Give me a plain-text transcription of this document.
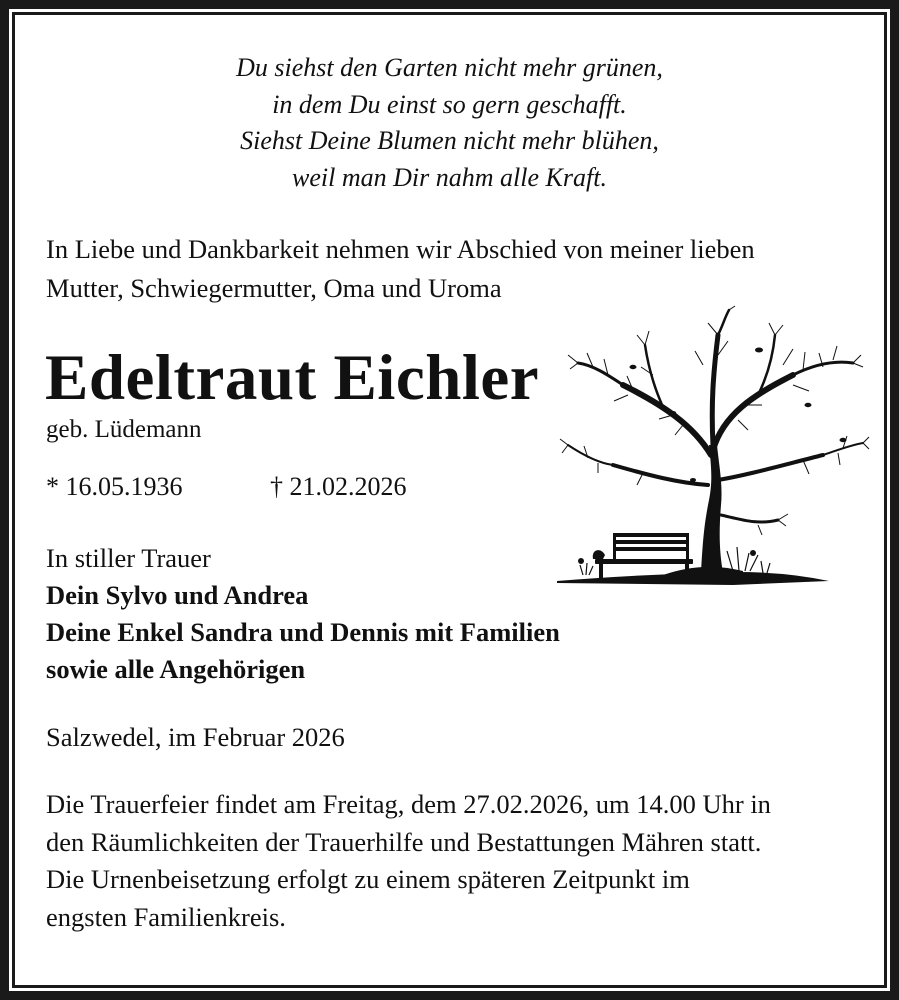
Du siehst den Garten nicht mehr grünen,
in dem Du einst so gern geschafft.
Siehst Deine Blumen nicht mehr blühen,
weil man Dir nahm alle Kraft.
In Liebe und Dankbarkeit nehmen wir Abschied von meiner lieben
Mutter, Schwiegermutter, Oma und Uroma
Edeltraut Eichler
geb. Lüdemann
* 16.05.1936	† 21.02.2026
In stiller Trauer
Dein Sylvo und Andrea
Deine Enkel Sandra und Dennis mit Familien
sowie alle Angehörigen
Salzwedel, im Februar 2026
Die Trauerfeier findet am Freitag, dem 27.02.2026, um 14.00 Uhr in
den Räumlichkeiten der Trauerhilfe und Bestattungen Mähren statt.
Die Urnenbeisetzung erfolgt zu einem späteren Zeitpunkt im
engsten Familienkreis.
